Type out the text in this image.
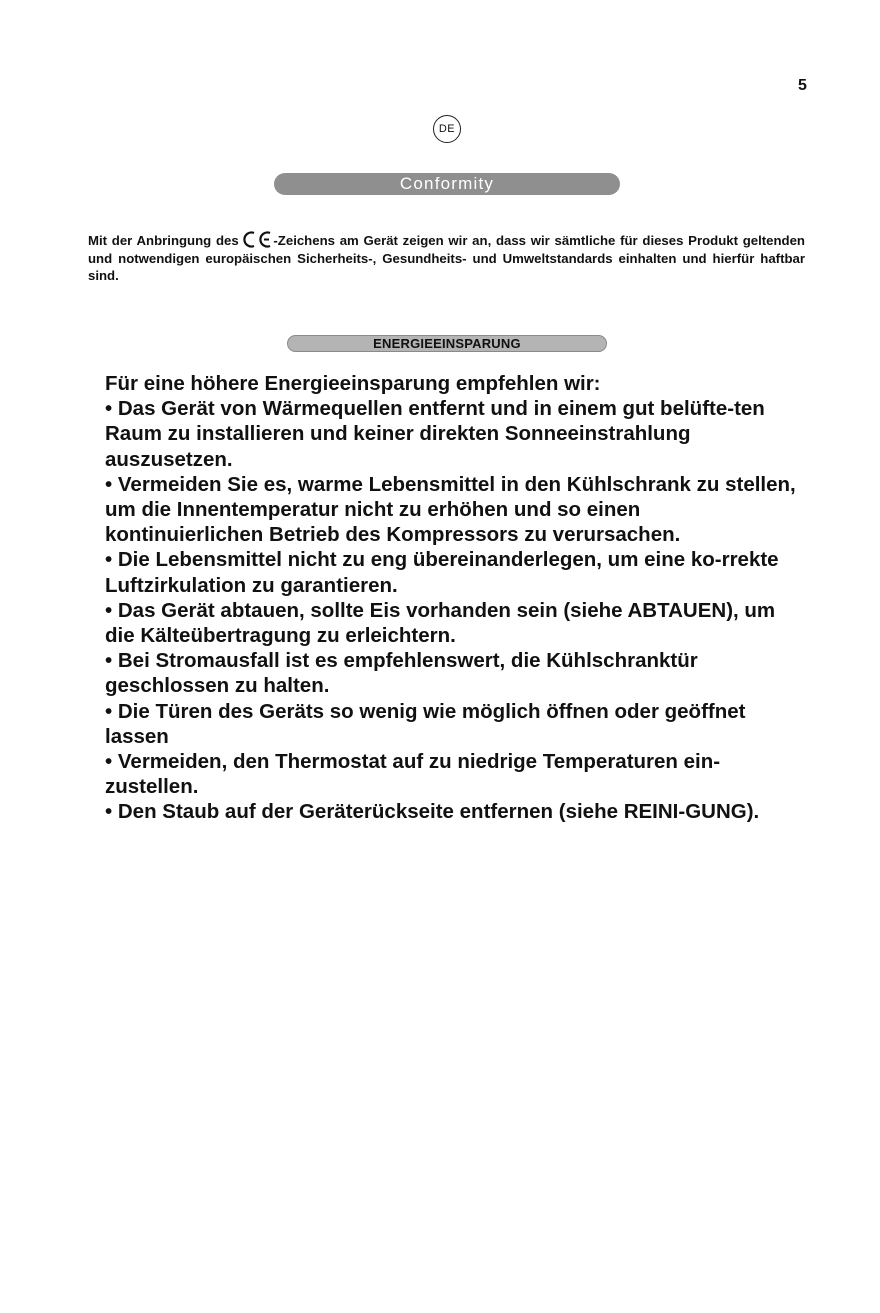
5
DE
Conformity
Mit der Anbringung des -Zeichens am Gerät zeigen wir an, dass wir sämtliche für dieses Produkt geltenden und notwendigen europäischen Sicherheits-, Gesundheits- und Umweltstandards einhalten und hierfür haftbar sind.
ENERGIEEINSPARUNG

Für eine höhere Energieeinsparung empfehlen wir:

• Das Gerät von Wärmequellen entfernt und in einem gut belüfte-ten Raum zu installieren und keiner direkten Sonneeinstrahlung auszusetzen.

• Vermeiden Sie es, warme Lebensmittel in den Kühlschrank zu stellen, um die Innentemperatur nicht zu erhöhen und so einen kontinuierlichen Betrieb des Kompressors zu verursachen.

• Die Lebensmittel nicht zu eng übereinanderlegen, um eine ko-rrekte Luftzirkulation zu garantieren.

• Das Gerät abtauen, sollte Eis vorhanden sein (siehe ABTAUEN), um die Kälteübertragung zu erleichtern.

• Bei Stromausfall ist es empfehlenswert, die Kühlschranktür geschlossen zu halten.

• Die Türen des Geräts so wenig wie möglich öffnen oder geöffnet lassen

• Vermeiden, den Thermostat auf zu niedrige Temperaturen ein-zustellen.

• Den Staub auf der Geräterückseite entfernen (siehe REINI-GUNG).
